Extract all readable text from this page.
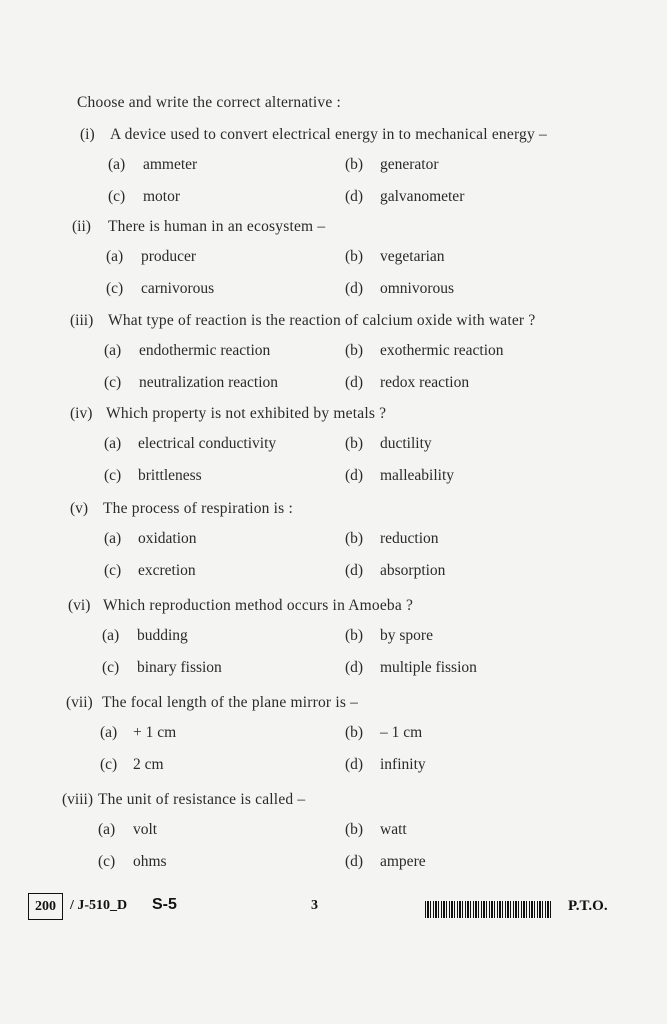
Choose and write the correct alternative :
(i) A device used to convert electrical energy in to mechanical energy –
(a) ammeter	(b) generator
(c) motor	(d) galvanometer
(ii) There is human in an ecosystem –
(a) producer	(b) vegetarian
(c) carnivorous	(d) omnivorous
(iii) What type of reaction is the reaction of calcium oxide with water ?
(a) endothermic reaction	(b) exothermic reaction
(c) neutralization reaction	(d) redox reaction
(iv) Which property is not exhibited by metals ?
(a) electrical conductivity	(b) ductility
(c) brittleness	(d) malleability
(v) The process of respiration is :
(a) oxidation	(b) reduction
(c) excretion	(d) absorption
(vi) Which reproduction method occurs in Amoeba ?
(a) budding	(b) by spore
(c) binary fission	(d) multiple fission
(vii) The focal length of the plane mirror is –
(a) + 1 cm	(b) – 1 cm
(c) 2 cm	(d) infinity
(viii) The unit of resistance is called –
(a) volt	(b) watt
(c) ohms	(d) ampere
200	/ J-510_D S-5	3	P.T.O.
